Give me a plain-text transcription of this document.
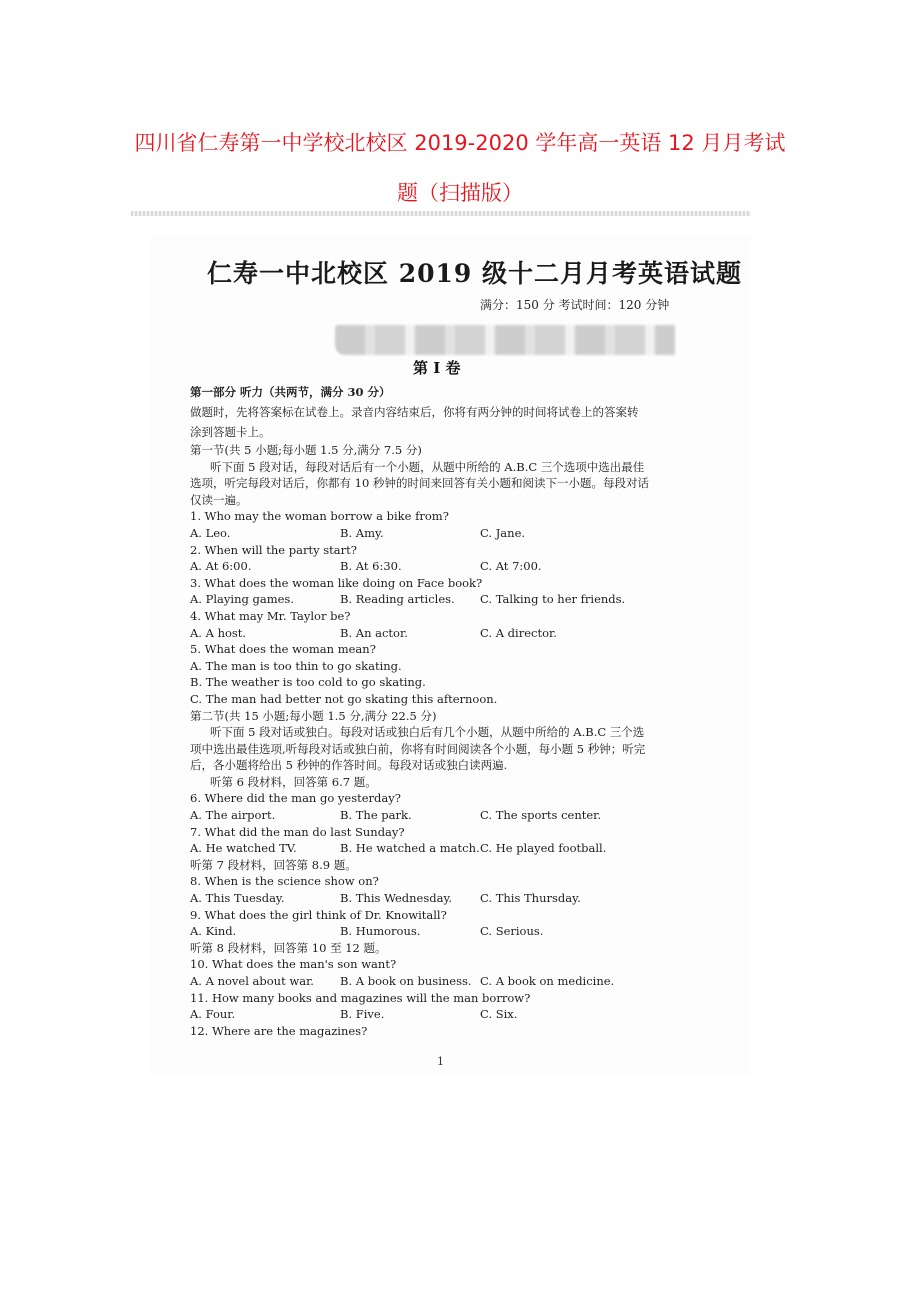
四川省仁寿第一中学校北校区 2019-2020 学年高一英语 12 月月考试
题（扫描版）
仁寿一中北校区 2019 级十二月月考英语试题
满分：150 分 考试时间：120 分钟
第 I 卷
第一部分 听力（共两节，满分 30 分）
做题时，先将答案标在试卷上。录音内容结束后，你将有两分钟的时间将试卷上的答案转
涂到答题卡上。
第一节(共 5 小题;每小题 1.5 分,满分 7.5 分)
听下面 5 段对话，每段对话后有一个小题，从题中所给的 A.B.C 三个选项中选出最佳
选项，听完每段对话后，你都有 10 秒钟的时间来回答有关小题和阅读下一小题。每段对话
仅读一遍。
1. Who may the woman borrow a bike from?
A. Leo.	B. Amy.	C. Jane.
2. When will the party start?
A. At 6:00.	B. At 6:30.	C. At 7:00.
3. What does the woman like doing on Face book?
A. Playing games.	B. Reading articles. C. Talking to her friends.
4. What may Mr. Taylor be?
A. A host.	B. An actor.	C. A director.
5. What does the woman mean?
A. The man is too thin to go skating.
B. The weather is too cold to go skating.
C. The man had better not go skating this afternoon.
第二节(共 15 小题;每小题 1.5 分,满分 22.5 分)
听下面 5 段对话或独白。每段对话或独白后有几个小题，从题中所给的 A.B.C 三个选
项中选出最佳选项,听每段对话或独白前，你将有时间阅读各个小题，每小题 5 秒钟；听完
后，各小题将给出 5 秒钟的作答时间。每段对话或独白读两遍.
听第 6 段材料，回答第 6.7 题。
6. Where did the man go yesterday?
A. The airport.	B. The park.	C. The sports center.
7. What did the man do last Sunday?
A. He watched TV.	B. He watched a match. C. He played football.
听第 7 段材料，回答第 8.9 题。
8. When is the science show on?
A. This Tuesday.	B. This Wednesday. C. This Thursday.
9. What does the girl think of Dr. Knowitall?
A. Kind.	B. Humorous.	C. Serious.
听第 8 段材料，回答第 10 至 12 题。
10. What does the man's son want?
A. A novel about war. B. A book on business. C. A book on medicine.
11. How many books and magazines will the man borrow?
A. Four.	B. Five.	C. Six.
12. Where are the magazines?
1
